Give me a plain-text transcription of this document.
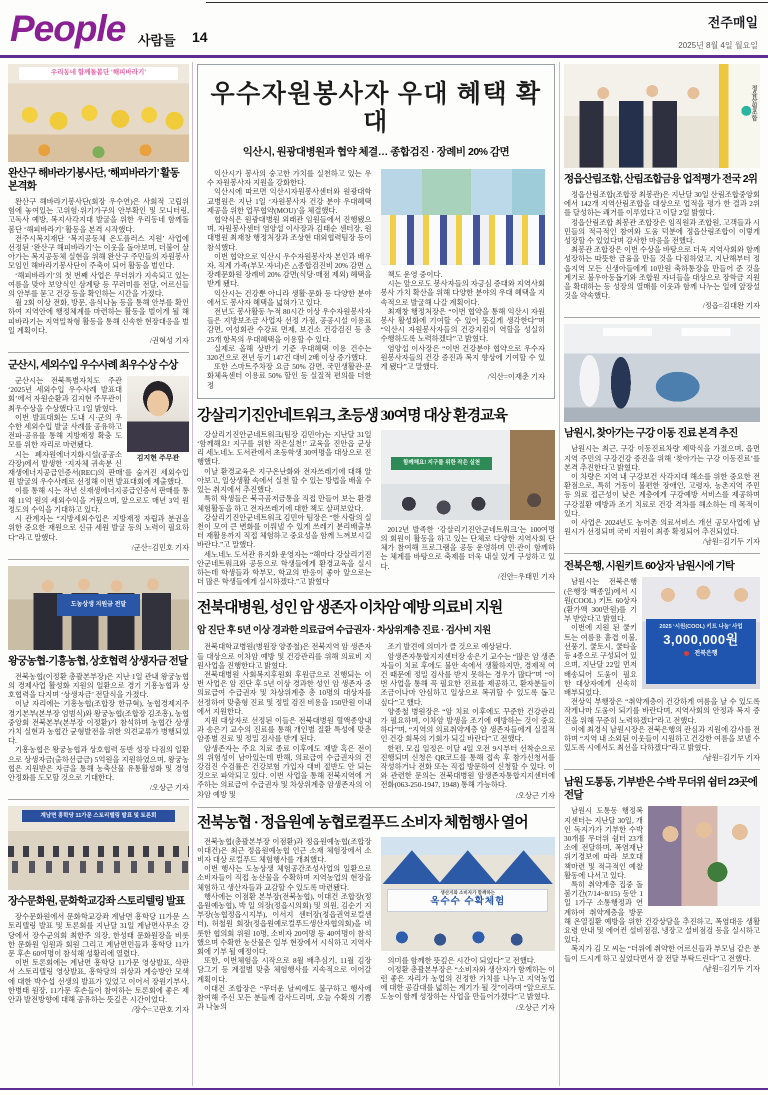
People 사람들 14
전주매일
2025년 8월 4일 월요일
우리동네 함께돌봄단 ‘해피바라기’
완산구 해바라기봉사단, ‘해피바라기’ 활동 본격화

완산구 해바라기봉사단(회장 우수연)은 사회적 고립위험에 놓여있는 고위험·위기가구의 안부확인 및 모니터링, 고독사 예방, 복지사각지대 발굴을 위한 우리동네 함께돌봄단 ‘해피바라기’ 활동을 본격 시작했다.

전주시복지재단 ‘복지공동체 온도플러스 지원’ 사업에 선정된 ‘완산구 해피바라기’는 이웃을 돌아보며, 더불어 살아가는 복지공동체 실현을 위해 완산구 주민들의 자원봉사 모임인 해바라기봉사단이 주축이 되어 활동을 벌인다.

‘해피바라기’의 첫 번째 사업은 무더위가 지속되고 있는 여름을 맞아 보양식인 삼계탕 등 꾸러미를 전달, 어르신들의 안부를 묻고 건강 등을 확인하는 시간을 가졌다.

월 2회 이상 전화, 방문, 음식나눔 등을 통해 안부를 확인하여 지역안에 행정체계를 마련하는 활동을 벌이게 될 해피바라기는 지역밀착형 활동을 통해 신속한 현장대응을 벌일 계획이다.

/권혁성 기자
군산시, 세외수입 우수사례 최우수상 수상
김지현 주무관

군산시는 전북특별자치도 주관 ‘2025년 세외수입 우수사례 발표대회’에서 자원순환과 김지현 주무관이 최우수상을 수상했다고 1일 밝혔다.

이번 발표대회는 도내 시·군의 우수한 세외수입 발굴 사례를 공유하고 전파·공유를 통해 지방재정 확충 도모를 위한 자리로 마련됐다.

시는 폐자원에너지화시설(공공소각장)에서 발생한 ‘지자체 귀속분 신재생에너지공급인증서(REC)의 판매’를 숨겨진 세외수입원 발굴의 우수사례로 선정해 이번 발표대회에 제출했다.

이를 통해 시는 작년 신재생에너지공급인증서 판매를 통해 11억 원의 세외수익을 거뒀으며, 앞으로도 매년 3억 원 정도의 수익을 기대하고 있다.

시 관계자는 “지방세외수입은 지방재정 자립과 분권을 위한 중요한 재원으로 신규 세원 발굴 등의 노력이 필요하다”라고 말했다.

/군산=김민호 기자
도농상생 지원금 전달
왕궁농협-기흥농협, 상호협력 상생자금 전달

전북농협(이정환 총괄본부장)은 지난 1일 관내 왕궁농협의 경제사업 활성화 지원의 일환으로 경기 기흥농협과 상호협력을 다지며 ‘상생자금’ 전달식을 가졌다.

이날 자리에는 기흥농협(조합장 한규혁), 농협경제지주 경기본부(본부장 엄범식)와 왕궁농협(조합장 김조흥), 농협중앙회 전북본부(본부장 이정환)가 참석하며 농협간 상생가치 실현과 농협간 균형발전을 위한 의견교류가 병행되었다.

기흥농협은 왕궁농협과 상호협력 동반 성장 다짐의 일환으로 상생자금(출하선급금) 5억원을 지원하였으며, 왕궁농협은 지원받은 자금을 통해 농축산물 유통활성화 및 경영 안정화를 도모할 것으로 기대한다.

/오상근 기자
계남면 흥학당 11가문 스토리텔링 발표 및 토론회
장수문화원, 문화학교강좌 스토리텔링 발표

장수문화원에서 문화학교강좌 계남면 흥학당 11가문 스토리텔링 발표 및 토론회를 지난달 31일 계남면사무소 강당에서 장수군의회 최한주 의장, 한성태 문화원장을 비롯한 문화원 임원과 회원 그리고 계남면민들과 흥학당 11가문 후손 60여명이 참석해 성황리에 열렸다.

이번 토론회에는 계남면 흥학당 11가문 영상발표, 삭판서 스토리텔링 영상발표, 흥학당의 위상과 계승방안 모색에 대한 박수섭 선생의 발표가 있었고 이어서 장원기부사, 한병태 원장, 11가문 후손들이 참여하는 토론회에 좋은 제안과 발전방향에 대해 공유하는 뜻깊은 시간이었다.

/장수=고판호 기자
우수자원봉사자 우대 혜택 확대
익산시, 원광대병원과 협약 체결… 종합검진 · 장례비 20% 감면

익산시가 봉사의 숭고한 가치를 실천하고 있는 우수 자원봉사자 지원을 강화한다.

익산시에 따르면 익산시자원봉사센터와 원광대학교병원은 지난 1일 ‘자원봉사자 건강 분야 우대혜택 제공을 위한 업무협약(MOU)’을 체결했다.

협약식은 원광대병원 외래관 임원들에서 진행됐으며, 자원봉사센터 염양섭 이사장과 김태순 센터장, 원대병원 최재창 행정처장과 조상현 대외협력팀장 등이 참석했다.

이번 협약으로 익산시 우수자원봉사자 본인과 배우자, 직계 가족(부모·자녀)은 △종합검진비 20% 감면 △장례문화원 장례비 20% 감면(식당·매점 제외) 혜택을 받게 됐다.

익산시는 건강뿐 아니라 생활·문화 등 다양한 분야에서도 봉사자 혜택을 넓혀가고 있다.

전년도 봉사활동 누적 80시간 이상 우수자원봉사자들은 지방보조금 사업자 선정 가점, 공공시설 이용료 감면, 여성회관 수강료 면제, 보건소 건강검진 등 총 25개 항목의 우대혜택을 이용할 수 있다.

실제로 올해 상반기 기준 우대혜택 이용 건수는 320건으로 전년 동기 147건 대비 2배 이상 증가했다.

또한 스마트주차장 요금 50% 감면, 국민생활관·문화체육센터 이용료 50% 할인 등 실질적 편의를 더한 정

책도 운영 중이다.

시는 앞으로도 봉사자들의 자긍심 증대와 지역사회 봉사 가치 확산을 위해 다양한 분야의 우대 혜택을 지속적으로 발굴해 나갈 계획이다.

최재창 행정처장은 “이번 협약을 통해 익산시 자원봉사 활성화에 기여할 수 있어 뜻깊게 생각한다”며 “익산시 자원봉사자들의 건강지킴이 역할을 성실히 수행하도록 노력하겠다”고 밝혔다.

염양섭 이사장은 “이번 건강분야 협약으로 우수자원봉사자들의 건강 증진과 복지 향상에 기여할 수 있게 됐다”고 말했다.

/익산=이재춘 기자
강살리기진안네트워크, 초등생 30여명 대상 환경교육

강살리기진안군네트워크(팀장 김민아)는 지난달 31일 ‘함께해요! 지구를 위한 작은실천!’ 교육을 진안읍 군상리 세노네노 도서관에서 초등학생 30여명을 대상으로 진행했다.

이날 환경교육은 지구온난화와 전자쓰레기에 대해 알아보고, 일상생활 속에서 실천 할 수 있는 방법을 배울 수 있는 취지에서 추진했다.

특히 학생들은 북극곰저금통을 직접 만들어 보는 환경체험활동을 하고 전자쓰레기에 대한 책도 살펴보았다.

강살리기진안군네트워크 김민아 팀장은 “한 사람의 실천이 모여 큰 변화를 이뤄낼 수 있게 쓰레기 분리배출부터 재활용까지 직접 체험하고 중요성을 함께 느껴보시길 바란다.”고 말했다.

세노네노 도서관 유지화 운영자는 “해마다 강살리기진안군네트워크와 공동으로 학생들에게 환경교육을 실시하는데 학생들과 학부모, 학교의 반응이 좋아 앞으로는 더 많은 학생들에게 실시하겠다.”고 밝혔다

함께해요! 지구를 위한 작은 실천

2012년 발족한 ‘강살리기진안군네트워크’는 100여명의 회원이 활동을 하고 있는 단체로 다양한 지역사회 단체가 참여해 프로그램을 공동 운영하며 민·관이 함께하는 체계를 바탕으로 축제를 더욱 내실 있게 구성하고 있다.

/진안=우태민 기자
전북대병원, 성인 암 생존자 이차암 예방 의료비 지원
암 진단 후 5년 이상 경과한 의료급여 수급권자 · 차상위계층 진료 · 검사비 지원

전북대학교병원(병원장 양종철)은 전북지역 암 생존자들 대상으로 이차암 예방 및 건강관리를 위해 의료비 지원사업을 진행한다고 밝혔다.

전북대병원 사회복지후원회 후원금으로 진행되는 이번 사업은 암 진단 후 5년 이상 경과한 성인 암 생존자 중 의료급여 수급권자 및 차상위계층 총 10명의 대상자를 선정하여 맞춤형 진료 및 정밀 검진 비용을 150만원 이내에서 지원한다.

지원 대상자로 선정된 이들은 전북대병원 혈액종양내과 송은기 교수의 진료를 통해 개인별 질환 특성에 맞춘 암종별 진료 및 정밀 검사를 받게 된다.

암생존자는 주요 치료 종료 이후에도 재발 혹은 전이의 위험성이 남아있는데 반해, 의료급여 수급권자의 건강검진 수검률은 건강보험 가입자 대비 절반도 안 되는 것으로 파악되고 있다. 이번 사업을 통해 전북지역에 거주하는 의료급여 수급권자 및 차상위계층 암생존자의 이차암 예방 및

조기 발견에 의미가 클 것으로 예상된다.

암생존자통합지지센터장 송은기 교수는 “많은 암 생존자들이 치료 후에도 불안 속에서 생활하지만, 경제적 여건 때문에 정밀 검사를 받지 못하는 경우가 많다”며 “이번 사업을 통해 꼭 필요한 진료를 제공하고, 환자분들이 조금이나마 안심하고 일상으로 복귀할 수 있도록 돕고 싶다”고 했다.

양종철 병원장은 “암 치료 이후에도 꾸준한 건강관리가 필요하며, 이차암 발생을 조기에 예방하는 것이 중요하다”며, “지역의 의료취약계층 암 생존자들에게 실질적인 건강 회복의 기회가 되길 바란다”고 전했다.

한편, 모집 일정은 이달 4일 오전 9시부터 선착순으로 진행되며 신청은 QR코드를 통해 접속 후 참가신청서를 작성하거나 전화 또는 직접 방문하여 신청할 수 있다. 이와 관련한 문의는 전북대병원 암생존자통합지지센터에 전화(063-250-1947, 1948) 통해 가능하다.

/오상근 기자
전북농협 · 정읍원예 농협로컬푸드 소비자 체험행사 열어

전북농협(총괄본부장 이점환)과 정읍원예농협(조합장 이대건)은 최근 정읍원예농협 인근 소재 체험장에서 소비자 대상 로컬푸드 체험행사를 개최했다.

이번 행사는 도농상생 체험공간조성사업의 일환으로 소비자들이 직접 농산물을 수확하며 지역농업의 현장을 체험하고 생산자들과 교감할 수 있도록 마련됐다.

행사에는 이점환 본부장(전북농협), 이대건 조합장(정읍원예농협), 박 일 의장(정읍시의회) 및 의원, 김순기 지부장(농협정읍시지부), 이서지 센터장(정읍권역로컬센터), 허철원 회장(정읍원예로컬푸드생산자협의회)을 비롯한 협의회 위원 10명, 소비자 20여명 등 40여명이 참석했으며 수확한 농산물은 일부 현장에서 시식하고 지역사회에 기부 될 예정이다.

또한, 이번체험을 시작으로 8월 배추심기, 11월 김장 담그기 등 계절별 맞춤 체험행사를 지속적으로 이어갈 계획이다.

이대건 조합장은 “무더운 날씨에도 불구하고 행사에 참여해 주신 모든 분들께 감사드리며, 오늘 수확의 기쁨과 나눔의

생산지와 소비자가 함께하는
옥수수 수확체험

의미를 함께한 뜻깊은 시간이 되었다”고 전했다.

이정환 총괄본부장은 “소비자와 생산자가 함께하는 이런 좋은 자리가 농업의 진정한 가치를 나누고 지역농업에 대한 공감대를 넓히는 계기가 될 것”이라며 “앞으로도 도농이 함께 성장하는 사업을 만들어가겠다”고 밝혔다.

/오상근 기자
정읍산림조합
정읍산림조합, 산림조합금융 업적평가 전국 2위

정읍산림조합(조합장 최봉관)은 지난달 30일 산림조합중앙회에서 142개 지역산림조합을 대상으로 업적을 평가 한 결과 2위를 달성하는 쾌거를 이루었다고 이달 2일 밝혔다.

정읍산림조합 최봉관 조합장은 임직원과 조합원, 고객들과 시민들의 적극적인 참여와 도움 덕분에 정읍산림조합이 이렇게 성장할 수 있었다며 감사한 마음을 전했다.

최봉관 조합장은 이번 수상을 바탕으로 더욱 지역사회와 함께 성장하는 따뜻한 금융을 만들 것을 다짐하였고, 지난해부터 정읍지역 모든 신생아들에게 10만원 축하통장을 만들어 준 것을 계기로 불우아동돕기와 조합원 자녀들을 대상으로 장학금 지원을 확대하는 등 성장의 열매를 이웃과 함께 나누는 일에 앞장설 것을 약속했다.

/정읍=김대완 기자
남원시, 찾아가는 구강 이동 진료 본격 추진

남원시는 최근, 구강 이동진료차량 제막식을 가졌으며, 읍면 지역 주민의 구강건강 증진을 위해 ‘찾아가는 구강 이동진료’를 본격 추진한다고 밝혔다.

이 차량은 지역 내 구강보건 사각지대 해소를 위한 중요한 전환점으로, 특히 거동이 불편한 장애인, 고령자, 농촌지역 주민 등 의료 접근성이 낮은 계층에게 구강예방 서비스를 제공하며 구강질환 예방과 조기 치료로 건강 격차를 해소하는 데 목적이 있다.

이 사업은 2024년도 농어촌 의료서비스 개선 공모사업에 남원시가 선정되며 국비 지원이 최종 확정되어 추진되었다.

/남원=김기두 기자
전북은행, 시원키트 60상자 남원시에 기탁
2025 ‘시원(COOL) 키트 나눔’ 사업
3,000,000원
전북은행

남원시는 전북은행(은행장 백종일)에서 시원(COOL) 키트 60상자(환가액 300만원)를 기부 받았다고 밝혔다.

이번에 지원 된 쿨키트는 여름용 홑겹 이불, 선풍기, 쿨토시, 쿨타올 등 4종으로 구성되어 있으며, 지난달 22일 먼저 배송되어 도움이 필요한 대상자에게 신속히 배부되었다.

전상익 부행장은 “취약계층이 건강하게 여름을 날 수 있도록 작게나마 도움이 되기를 바란다며, 지역사회의 안정과 복지 증진을 위해 꾸준히 노력하겠다”라고 전했다.

이에 최경식 남원시장은 전북은행의 관심과 지원에 감사를 전하며 “지역 내 소외된 이웃들이 시원하고 건강한 여름을 보낼 수 있도록 시에서도 최선을 다하겠다”라고 밝혔다.

/남원=김기두 기자
남원 도통동, 기부받은 수박 무더위 쉼터 23곳에 전달

남원시 도통동 행정복지센터는 지난달 30일, 개인 독지가가 기부한 수박 30개를 무더위 쉼터 23개소에 전달하며, 폭염재난 위기경보에 따라 보호대책마련 및 적극적인 예찰활동에 나서고 있다.

특히 취약계층 집중 돌봄기간(7/14~8/15) 동안 1일 1가구 소통행정과 연계하여 취약계층을 방문해 온열질환 예방을 위한 건강상담을 추진하고, 폭염대응 생활요령 안내 및 에어컨 설비점검, 냉장고 설비점검 등을 실시하고 있다.

복지가 김 모 씨는 “더위에 취약한 어르신들과 부모님 같은 분들이 드시게 하고 싶었다면서 잘 전달 부탁드린다”고 전했다.

/남원=김기두 기자
